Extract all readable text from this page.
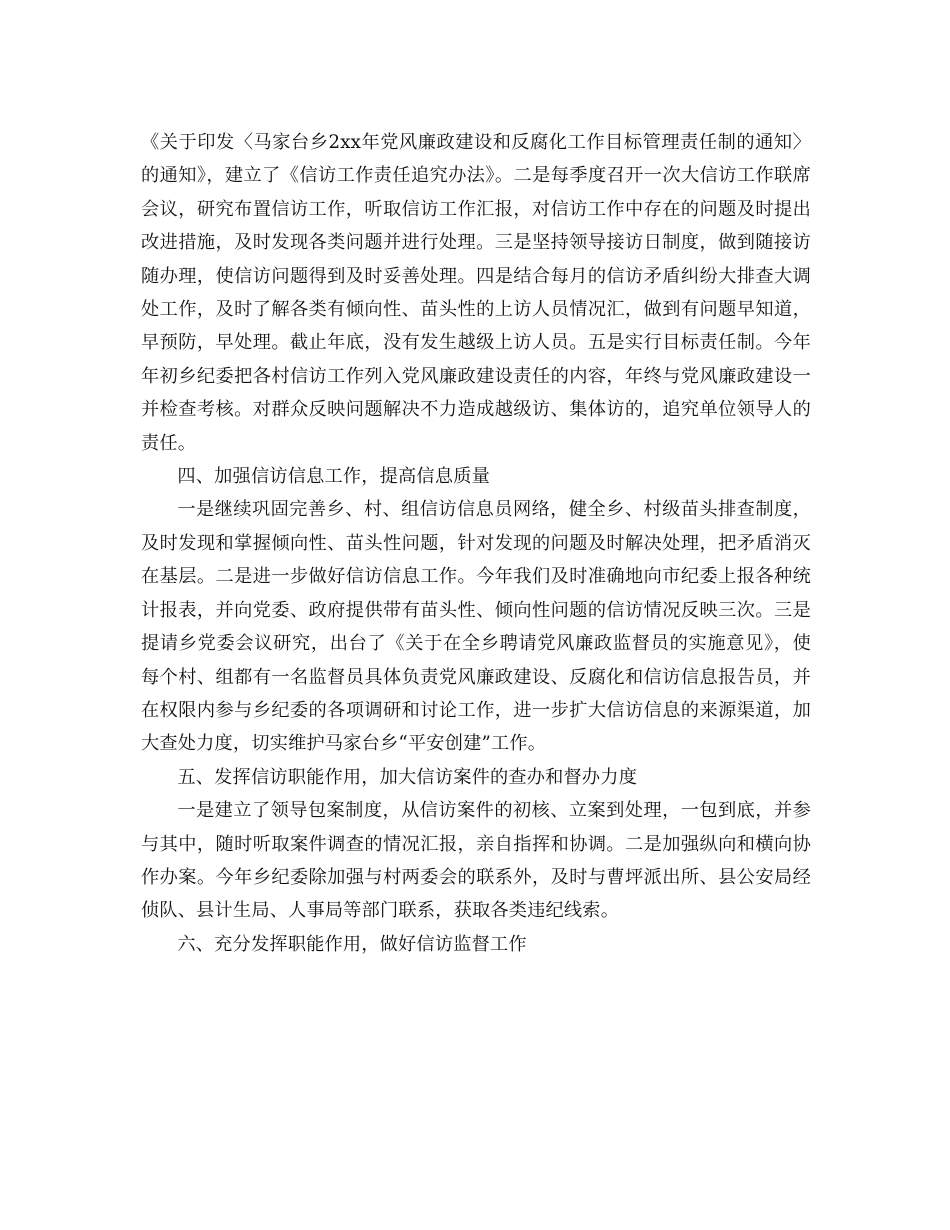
《关于印发〈马家台乡2xx年党风廉政建设和反腐化工作目标管理责任制的通知〉的通知》，建立了《信访工作责任追究办法》。二是每季度召开一次大信访工作联席会议，研究布置信访工作，听取信访工作汇报，对信访工作中存在的问题及时提出改进措施，及时发现各类问题并进行处理。三是坚持领导接访日制度，做到随接访随办理，使信访问题得到及时妥善处理。四是结合每月的信访矛盾纠纷大排查大调处工作，及时了解各类有倾向性、苗头性的上访人员情况汇，做到有问题早知道，早预防，早处理。截止年底，没有发生越级上访人员。五是实行目标责任制。今年年初乡纪委把各村信访工作列入党风廉政建设责任的内容，年终与党风廉政建设一并检查考核。对群众反映问题解决不力造成越级访、集体访的，追究单位领导人的责任。

四、加强信访信息工作，提高信息质量

一是继续巩固完善乡、村、组信访信息员网络，健全乡、村级苗头排查制度，及时发现和掌握倾向性、苗头性问题，针对发现的问题及时解决处理，把矛盾消灭在基层。二是进一步做好信访信息工作。今年我们及时准确地向市纪委上报各种统计报表，并向党委、政府提供带有苗头性、倾向性问题的信访情况反映三次。三是提请乡党委会议研究，出台了《关于在全乡聘请党风廉政监督员的实施意见》，使每个村、组都有一名监督员具体负责党风廉政建设、反腐化和信访信息报告员，并在权限内参与乡纪委的各项调研和讨论工作，进一步扩大信访信息的来源渠道，加大查处力度，切实维护马家台乡“平安创建”工作。

五、发挥信访职能作用，加大信访案件的查办和督办力度

一是建立了领导包案制度，从信访案件的初核、立案到处理，一包到底，并参与其中，随时听取案件调查的情况汇报，亲自指挥和协调。二是加强纵向和横向协作办案。今年乡纪委除加强与村两委会的联系外，及时与曹坪派出所、县公安局经侦队、县计生局、人事局等部门联系，获取各类违纪线索。

六、充分发挥职能作用，做好信访监督工作
